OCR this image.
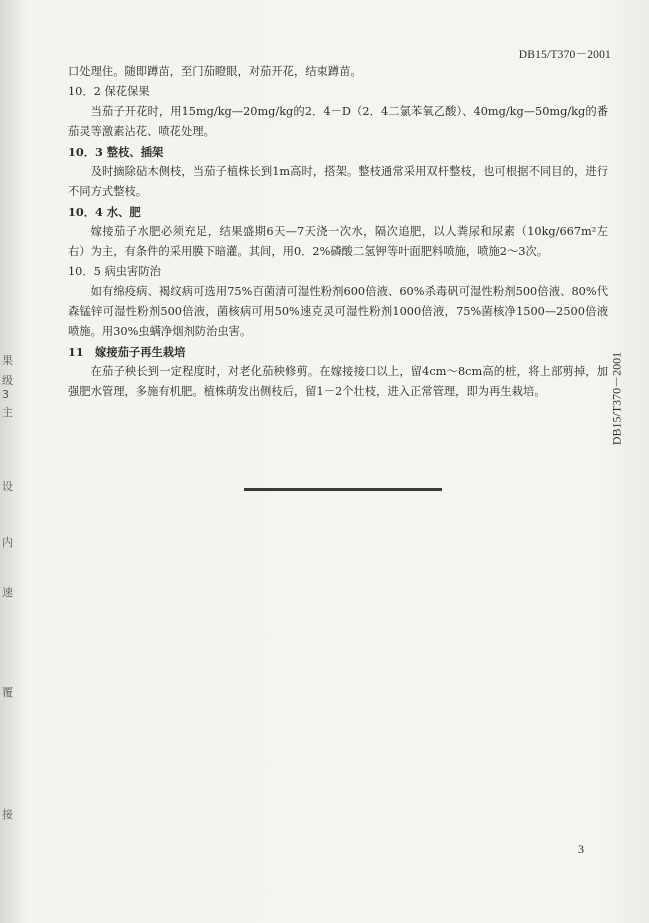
果
级
3
主
设
内
速
覆
接
DB15/T370－2001

口处理住。随即蹲苗，至门茄瞪眼，对茄开花，结束蹲苗。

10．2 保花保果

当茄子开花时，用15mg/kg—20mg/kg的2．4－D（2．4二氯苯氧乙酸）、40mg/kg—50mg/kg的番茄灵等激素沾花、喷花处理。

10．3 整枝、插架

及时摘除砧木侧枝，当茄子植株长到1m高时，搭架。整枝通常采用双杆整枝，也可根据不同目的，进行不同方式整枝。

10．4 水、肥

嫁接茄子水肥必须充足，结果盛期6天—7天浇一次水，隔次追肥，以人粪尿和尿素（10kg/667m²左右）为主，有条件的采用膜下暗灌。其间，用0．2%磷酸二氢钾等叶面肥料喷施，喷施2～3次。

10．5 病虫害防治

如有绵疫病、褐纹病可选用75%百菌清可湿性粉剂600倍液、60%杀毒矾可湿性粉剂500倍液、80%代森锰锌可湿性粉剂500倍液，菌核病可用50%速克灵可湿性粉剂1000倍液，75%菌核净1500—2500倍液喷施。用30%虫螨净烟剂防治虫害。

11　嫁接茄子再生栽培

在茄子秧长到一定程度时，对老化茄秧修剪。在嫁接接口以上，留4cm～8cm高的桩，将上部剪掉，加强肥水管理，多施有机肥。植株萌发出侧枝后，留1－2个壮枝，进入正常管理，即为再生栽培。	DB15/T370－2001
3
